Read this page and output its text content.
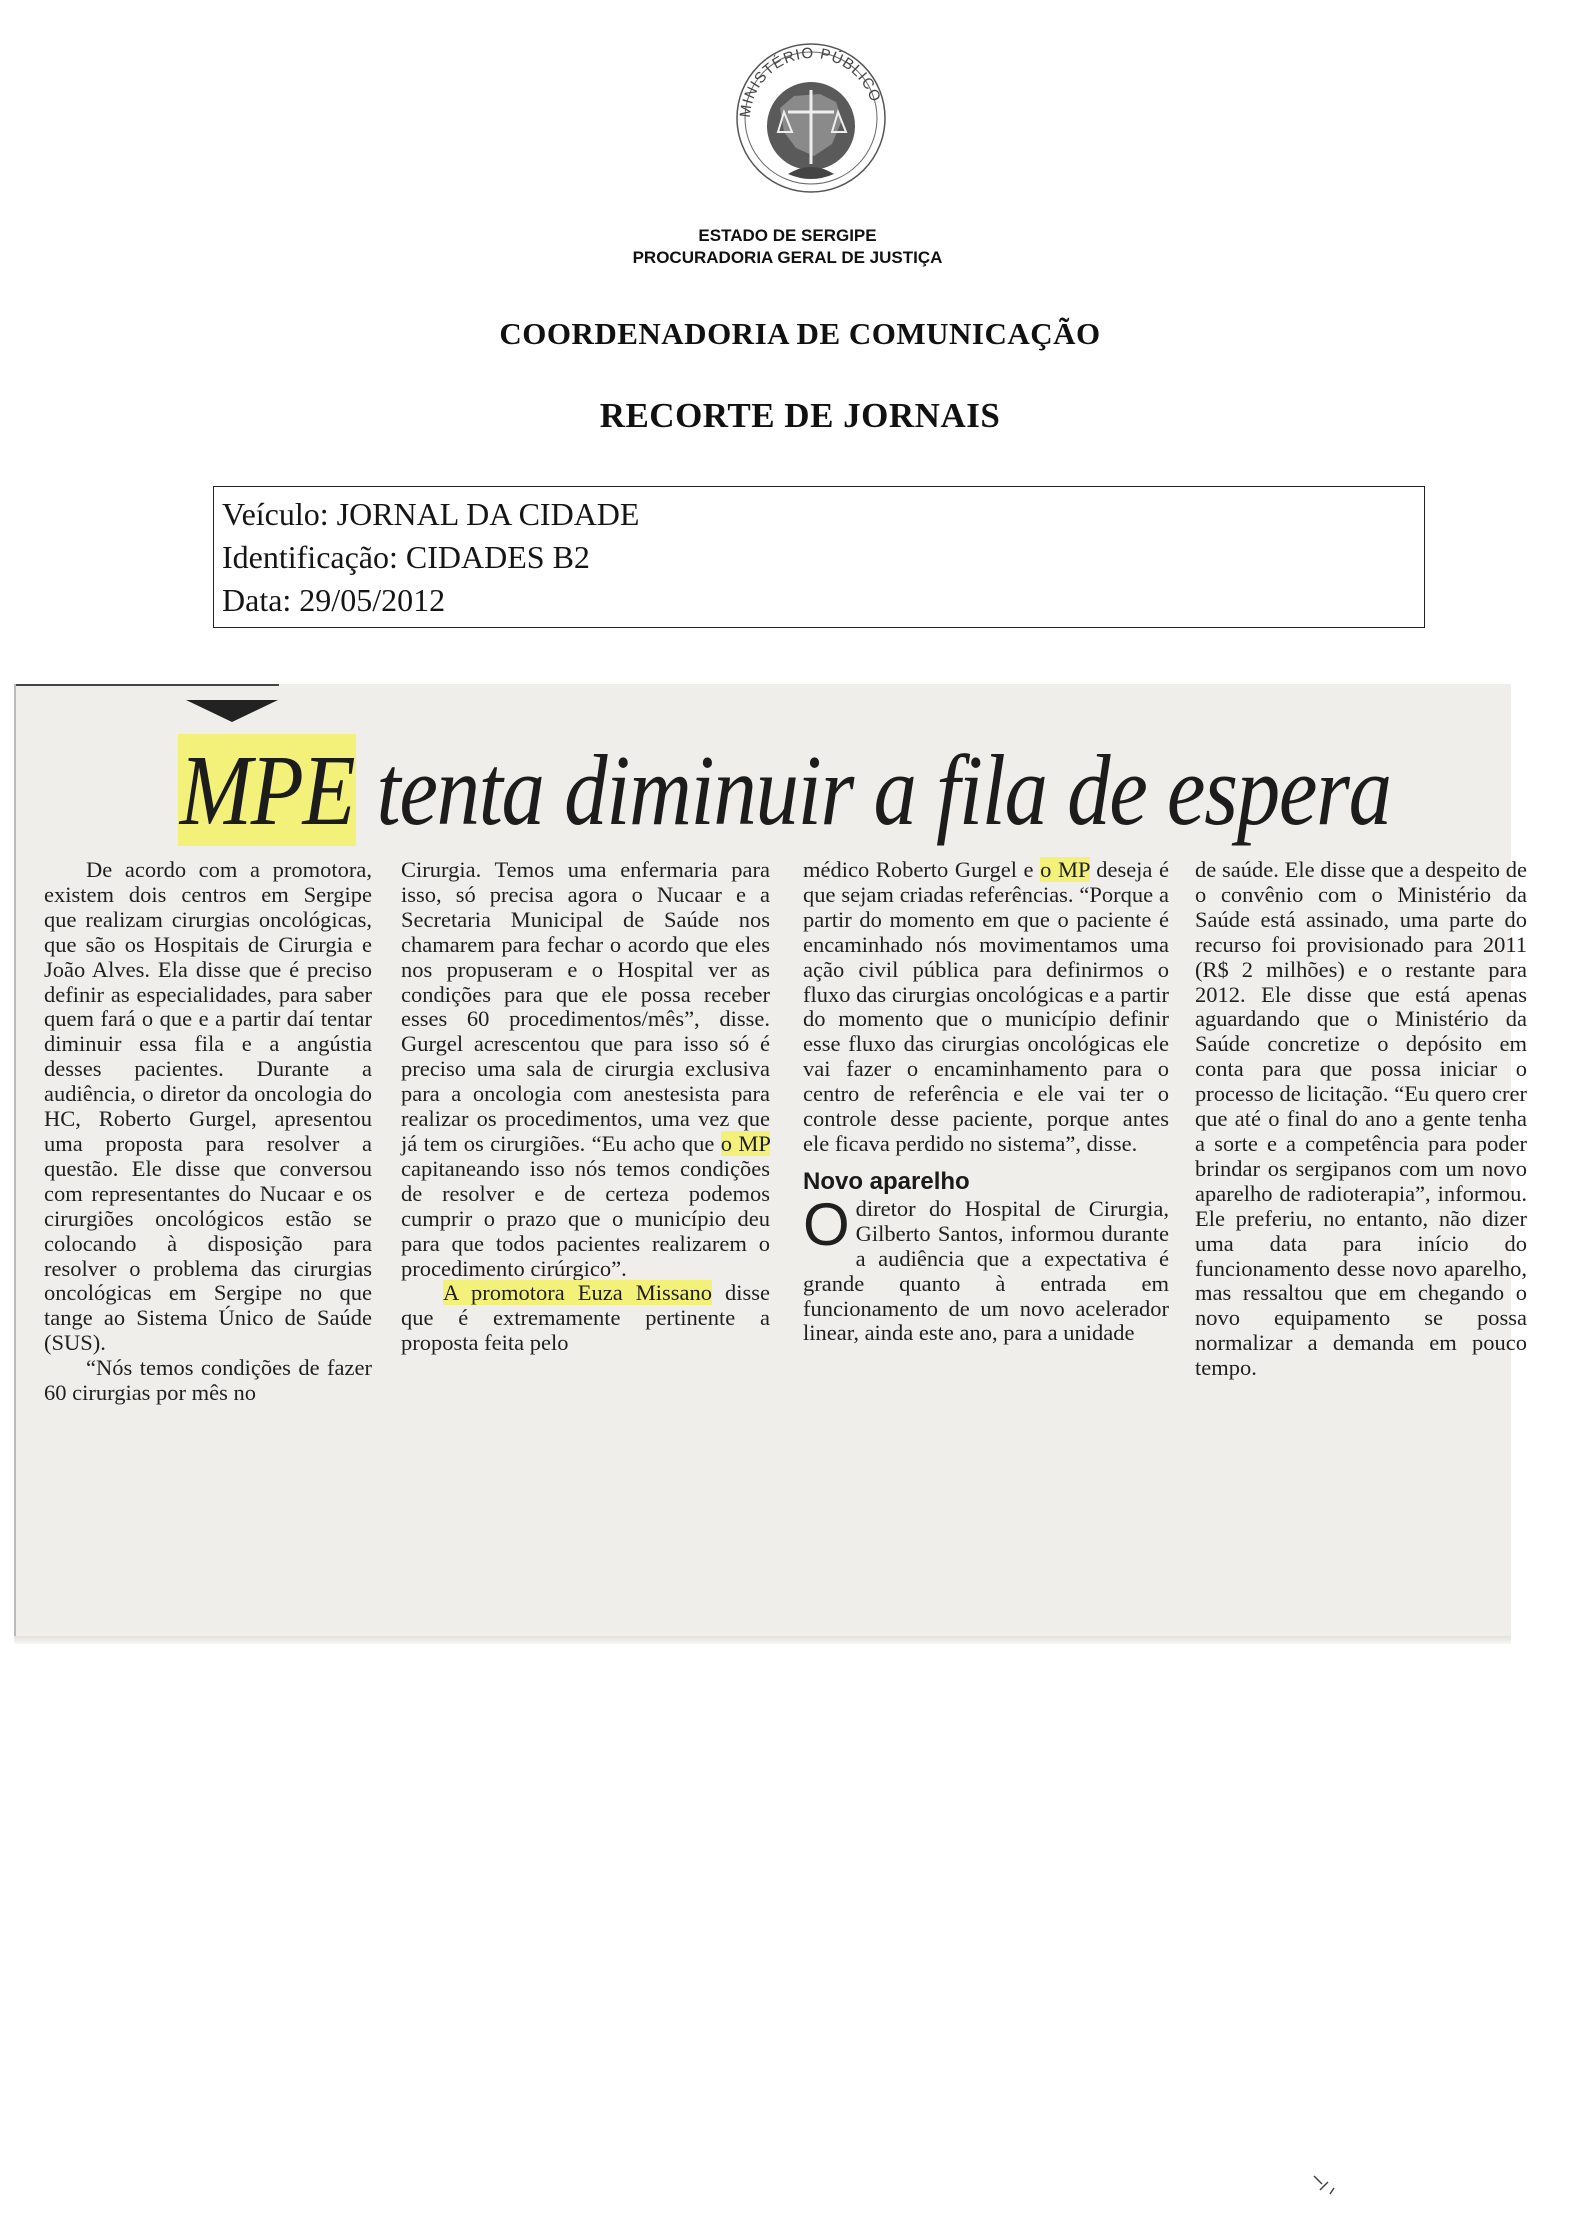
MINISTÉRIO PÚBLICO
ESTADO DE SERGIPE
PROCURADORIA GERAL DE JUSTIÇA
COORDENADORIA DE COMUNICAÇÃO
RECORTE DE JORNAIS
Veículo: JORNAL DA CIDADE
Identificação: CIDADES B2
Data: 29/05/2012
MPE tenta diminuir a fila de espera

De acordo com a promotora, existem dois centros em Sergipe que realizam cirurgias oncológicas, que são os Hospitais de Cirurgia e João Alves. Ela disse que é preciso definir as especialidades, para saber quem fará o que e a partir daí tentar diminuir essa fila e a angústia desses pacientes. Durante a audiência, o diretor da oncologia do HC, Roberto Gurgel, apresentou uma proposta para resolver a questão. Ele disse que conversou com representantes do Nucaar e os cirurgiões oncológicos estão se colocando à disposição para resolver o problema das cirurgias oncológicas em Sergipe no que tange ao Sistema Único de Saúde (SUS).

“Nós temos condições de fazer 60 cirurgias por mês no

Cirurgia. Temos uma enfermaria para isso, só precisa agora o Nucaar e a Secretaria Municipal de Saúde nos chamarem para fechar o acordo que eles nos propuseram e o Hospital ver as condições para que ele possa receber esses 60 procedimentos/mês”, disse. Gurgel acrescentou que para isso só é preciso uma sala de cirurgia exclusiva para a oncologia com anestesista para realizar os procedimentos, uma vez que já tem os cirurgiões. “Eu acho que o MP capitaneando isso nós temos condições de resolver e de certeza podemos cumprir o prazo que o município deu para que todos pacientes realizarem o procedimento cirúrgico”.

A promotora Euza Missano disse que é extremamente pertinente a proposta feita pelo

médico Roberto Gurgel e o MP deseja é que sejam criadas referências. “Porque a partir do momento em que o paciente é encaminhado nós movimentamos uma ação civil pública para definirmos o fluxo das cirurgias oncológicas e a partir do momento que o município definir esse fluxo das cirurgias oncológicas ele vai fazer o encaminhamento para o centro de referência e ele vai ter o controle desse paciente, porque antes ele ficava perdido no sistema”, disse.

Novo aparelho

O diretor do Hospital de Cirurgia, Gilberto Santos, informou durante a audiência que a expectativa é grande quanto à entrada em funcionamento de um novo acelerador linear, ainda este ano, para a unidade

de saúde. Ele disse que a despeito de o convênio com o Ministério da Saúde está assinado, uma parte do recurso foi provisionado para 2011 (R$ 2 milhões) e o restante para 2012. Ele disse que está apenas aguardando que o Ministério da Saúde concretize o depósito em conta para que possa iniciar o processo de licitação. “Eu quero crer que até o final do ano a gente tenha a sorte e a competência para poder brindar os sergipanos com um novo aparelho de radioterapia”, informou. Ele preferiu, no entanto, não dizer uma data para início do funcionamento desse novo aparelho, mas ressaltou que em chegando o novo equipamento se possa normalizar a demanda em pouco tempo.
